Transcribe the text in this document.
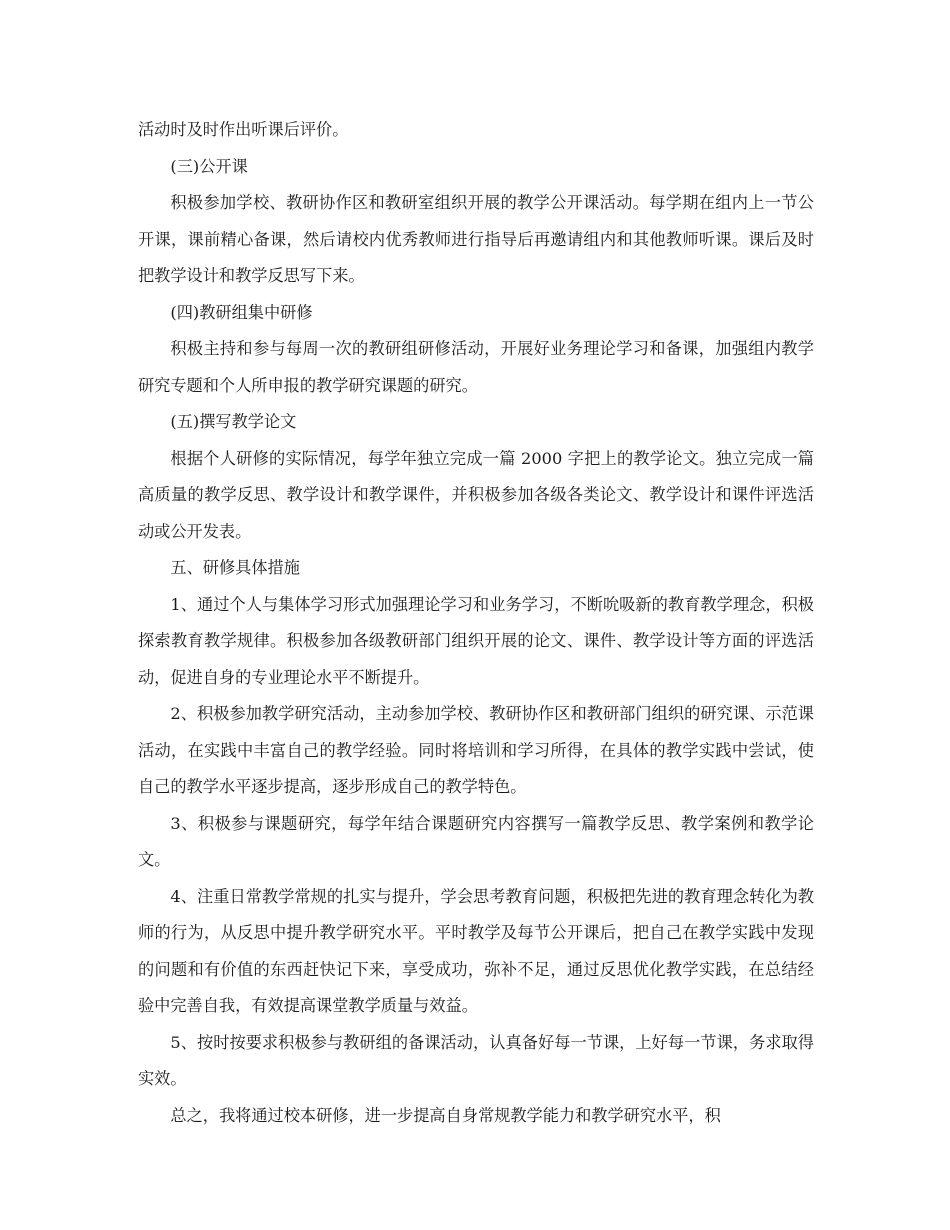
活动时及时作出听课后评价。

(三)公开课

积极参加学校、教研协作区和教研室组织开展的教学公开课活动。每学期在组内上一节公开课，课前精心备课，然后请校内优秀教师进行指导后再邀请组内和其他教师听课。课后及时把教学设计和教学反思写下来。

(四)教研组集中研修

积极主持和参与每周一次的教研组研修活动，开展好业务理论学习和备课，加强组内教学研究专题和个人所申报的教学研究课题的研究。

(五)撰写教学论文

根据个人研修的实际情况，每学年独立完成一篇 2000 字把上的教学论文。独立完成一篇高质量的教学反思、教学设计和教学课件，并积极参加各级各类论文、教学设计和课件评选活动或公开发表。

五、研修具体措施

1、通过个人与集体学习形式加强理论学习和业务学习，不断吮吸新的教育教学理念，积极探索教育教学规律。积极参加各级教研部门组织开展的论文、课件、教学设计等方面的评选活动，促进自身的专业理论水平不断提升。

2、积极参加教学研究活动，主动参加学校、教研协作区和教研部门组织的研究课、示范课活动，在实践中丰富自己的教学经验。同时将培训和学习所得，在具体的教学实践中尝试，使自己的教学水平逐步提高，逐步形成自己的教学特色。

3、积极参与课题研究，每学年结合课题研究内容撰写一篇教学反思、教学案例和教学论文。

4、注重日常教学常规的扎实与提升，学会思考教育问题，积极把先进的教育理念转化为教师的行为，从反思中提升教学研究水平。平时教学及每节公开课后，把自己在教学实践中发现的问题和有价值的东西赶快记下来，享受成功，弥补不足，通过反思优化教学实践，在总结经验中完善自我，有效提高课堂教学质量与效益。

5、按时按要求积极参与教研组的备课活动，认真备好每一节课，上好每一节课，务求取得实效。

总之，我将通过校本研修，进一步提高自身常规教学能力和教学研究水平，积
